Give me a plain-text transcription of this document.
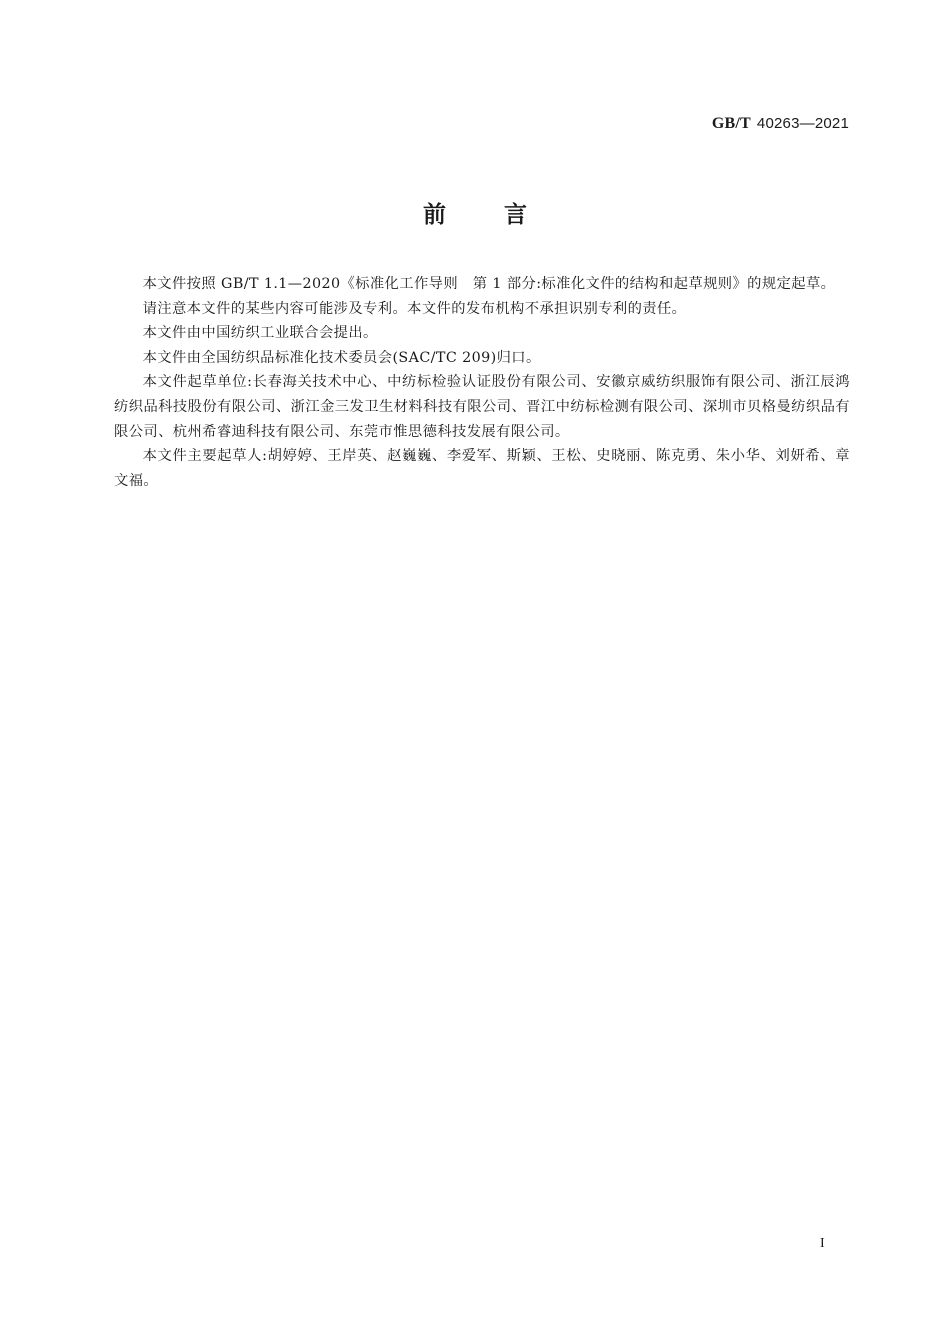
GB/T 40263—2021
前言

本文件按照 GB/T 1.1—2020《标准化工作导则　第 1 部分:标准化文件的结构和起草规则》的规定起草。

请注意本文件的某些内容可能涉及专利。本文件的发布机构不承担识别专利的责任。

本文件由中国纺织工业联合会提出。

本文件由全国纺织品标准化技术委员会(SAC/TC 209)归口。

本文件起草单位:长春海关技术中心、中纺标检验认证股份有限公司、安徽京威纺织服饰有限公司、浙江辰鸿纺织品科技股份有限公司、浙江金三发卫生材料科技有限公司、晋江中纺标检测有限公司、深圳市贝格曼纺织品有限公司、杭州希睿迪科技有限公司、东莞市惟思德科技发展有限公司。

本文件主要起草人:胡婷婷、王岸英、赵巍巍、李爱军、斯颖、王松、史晓丽、陈克勇、朱小华、刘妍希、章文福。

I
